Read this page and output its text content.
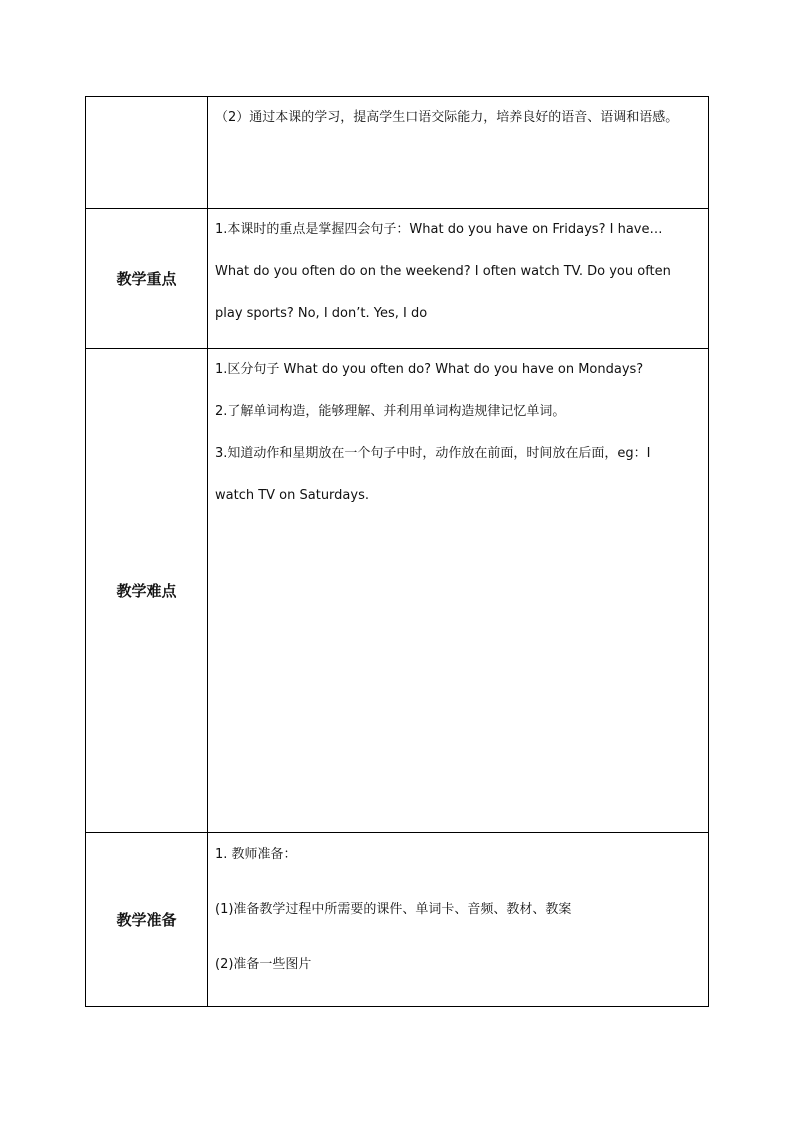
	（2）通过本课的学习，提高学生口语交际能力，培养良好的语音、语调和语感。

教学重点	1.本课时的重点是掌握四会句子：What do you have on Fridays? I have…
What do you often do on the weekend? I often watch TV. Do you often
play sports? No, I don’t. Yes, I do

教学难点	1.区分句子 What do you often do? What do you have on Mondays?
2.了解单词构造，能够理解、并利用单词构造规律记忆单词。
3.知道动作和星期放在一个句子中时，动作放在前面，时间放在后面，eg：I
watch TV on Saturdays.

教学准备	1. 教师准备：
(1)准备教学过程中所需要的课件、单词卡、音频、教材、教案
(2)准备一些图片
